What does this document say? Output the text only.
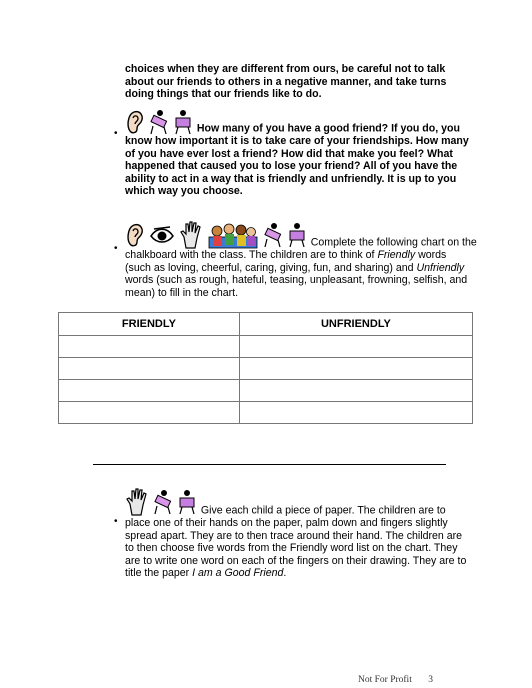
choices when they are different from ours, be careful not to talk
about our friends to others in a negative manner, and take turns
doing things that our friends like to do.
•	How many of you have a good friend? If you do, you
know how important it is to take care of your friendships. How many
of you have ever lost a friend? How did that make you feel? What
happened that caused you to lose your friend? All of you have the
ability to act in a way that is friendly and unfriendly. It is up to you
which way you choose.
•
Complete the following chart on the
chalkboard with the class. The children are to think of Friendly words
(such as loving, cheerful, caring, giving, fun, and sharing) and Unfriendly
words (such as rough, hateful, teasing, unpleasant, frowning, selfish, and
mean) to fill in the chart.
FRIENDLY	UNFRIENDLY

•
Give each child a piece of paper. The children are to
place one of their hands on the paper, palm down and fingers slightly
spread apart. They are to then trace around their hand. The children are
to then choose five words from the Friendly word list on the chart. They
are to write one word on each of the fingers on their drawing. They are to
title the paper I am a Good Friend.
Not For Profit 3
